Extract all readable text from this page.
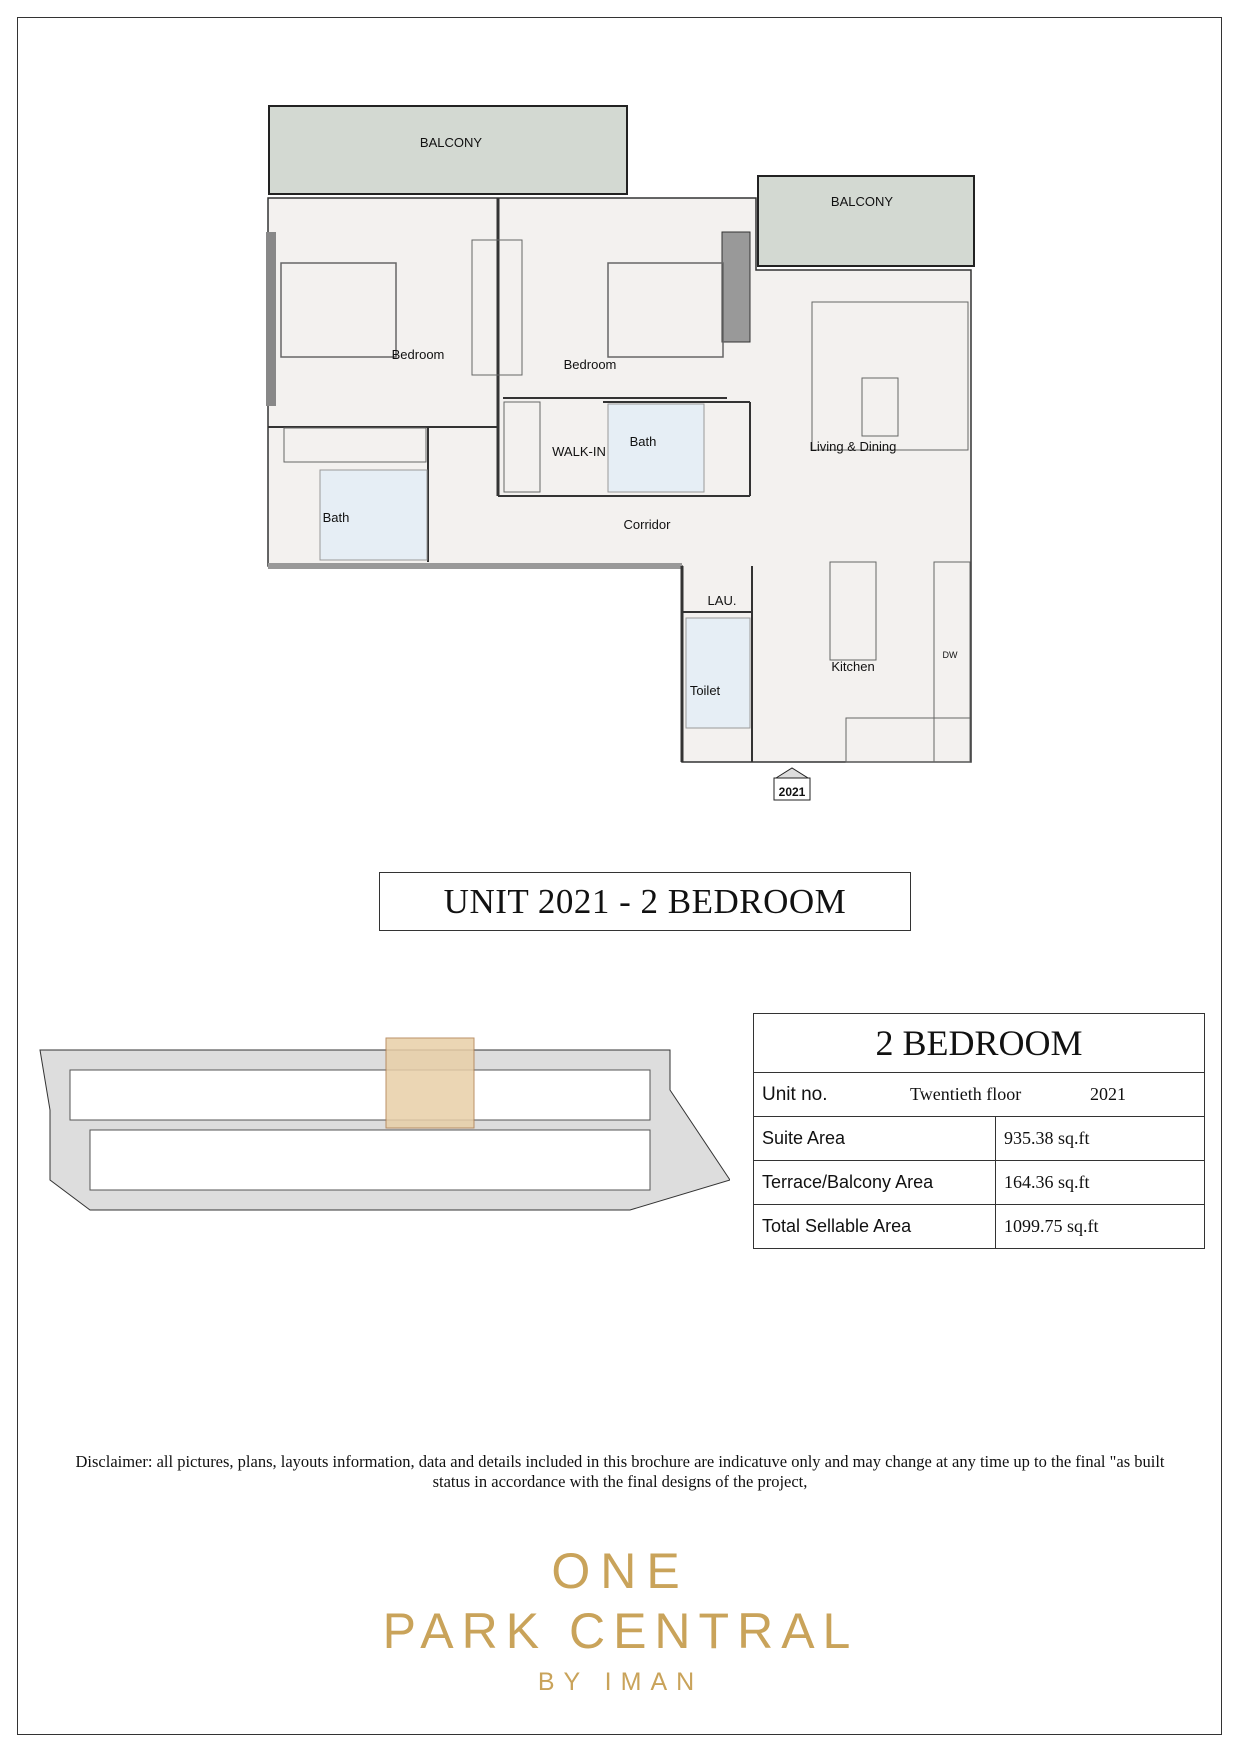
BALCONY
BALCONY
Bedroom
Bedroom
WALK-IN
Bath
Bath
Living & Dining
Corridor
LAU.
Kitchen
Toilet
DW
2021
UNIT 2021 - 2 BEDROOM
2 BEDROOM	

Unit no. Twentieth floor 2021	

Suite Area	935.38 sq.ft
Terrace/Balcony Area	164.36 sq.ft
Total Sellable Area	1099.75 sq.ft
Disclaimer: all pictures, plans, layouts information, data and details included in this brochure are indicatuve only and may change at any time up to the final "as built status in accordance with the final designs of the project,
ONE
PARK CENTRAL
BY IMAN
